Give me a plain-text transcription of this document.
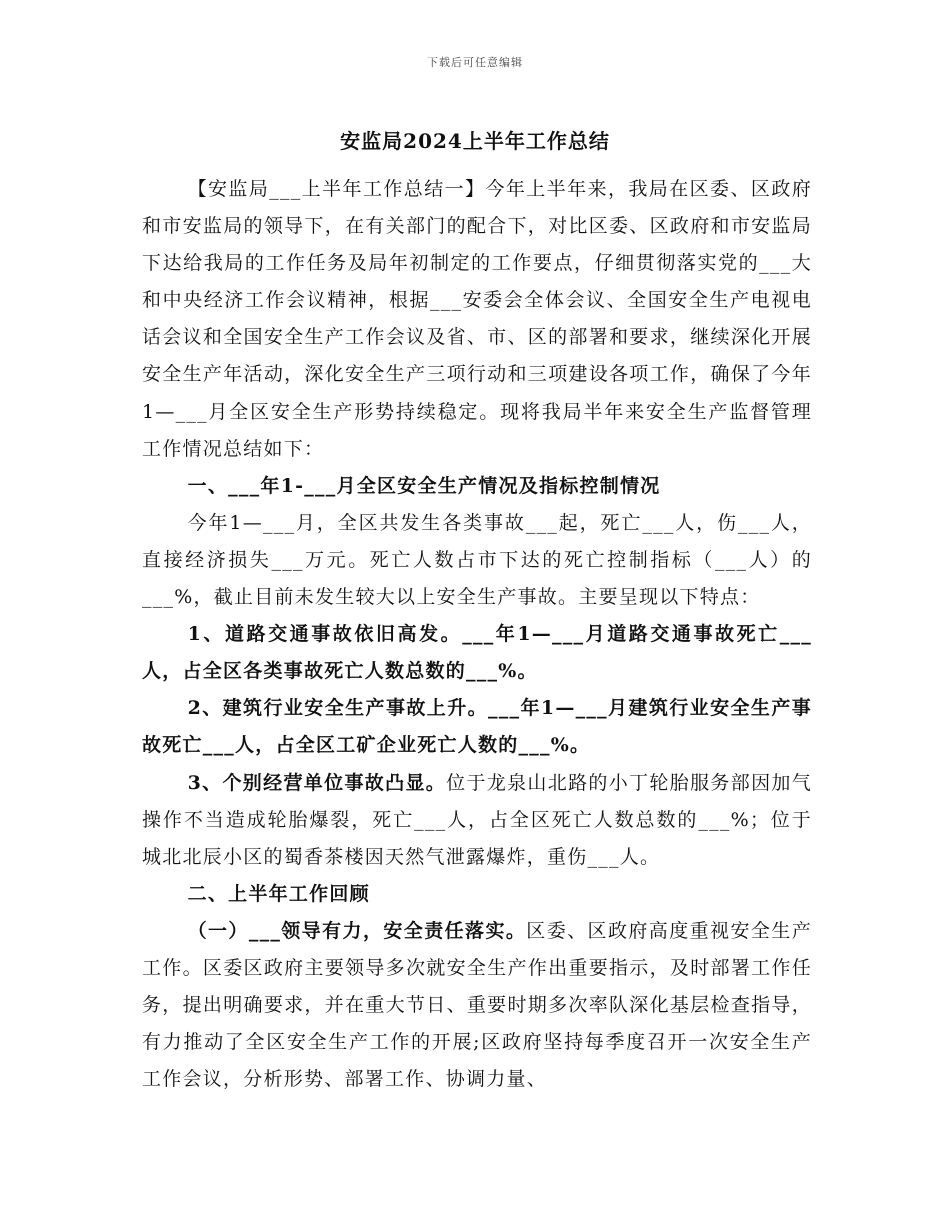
下载后可任意编辑
安监局2024上半年工作总结

【安监局___上半年工作总结一】今年上半年来，我局在区委、区政府和市安监局的领导下，在有关部门的配合下，对比区委、区政府和市安监局下达给我局的工作任务及局年初制定的工作要点，仔细贯彻落实党的___大和中央经济工作会议精神，根据___安委会全体会议、全国安全生产电视电话会议和全国安全生产工作会议及省、市、区的部署和要求，继续深化开展安全生产年活动，深化安全生产三项行动和三项建设各项工作，确保了今年1—___月全区安全生产形势持续稳定。现将我局半年来安全生产监督管理工作情况总结如下：

一、___年1-___月全区安全生产情况及指标控制情况

今年1—___月，全区共发生各类事故___起，死亡___人，伤___人，直接经济损失___万元。死亡人数占市下达的死亡控制指标（___人）的___%，截止目前未发生较大以上安全生产事故。主要呈现以下特点：

1、道路交通事故依旧高发。___年1—___月道路交通事故死亡___人，占全区各类事故死亡人数总数的___%。

2、建筑行业安全生产事故上升。___年1—___月建筑行业安全生产事故死亡___人，占全区工矿企业死亡人数的___%。

3、个别经营单位事故凸显。位于龙泉山北路的小丁轮胎服务部因加气操作不当造成轮胎爆裂，死亡___人，占全区死亡人数总数的___%；位于城北北辰小区的蜀香茶楼因天然气泄露爆炸，重伤___人。

二、上半年工作回顾

（一）___领导有力，安全责任落实。区委、区政府高度重视安全生产工作。区委区政府主要领导多次就安全生产作出重要指示，及时部署工作任务，提出明确要求，并在重大节日、重要时期多次率队深化基层检查指导，有力推动了全区安全生产工作的开展;区政府坚持每季度召开一次安全生产工作会议，分析形势、部署工作、协调力量、
